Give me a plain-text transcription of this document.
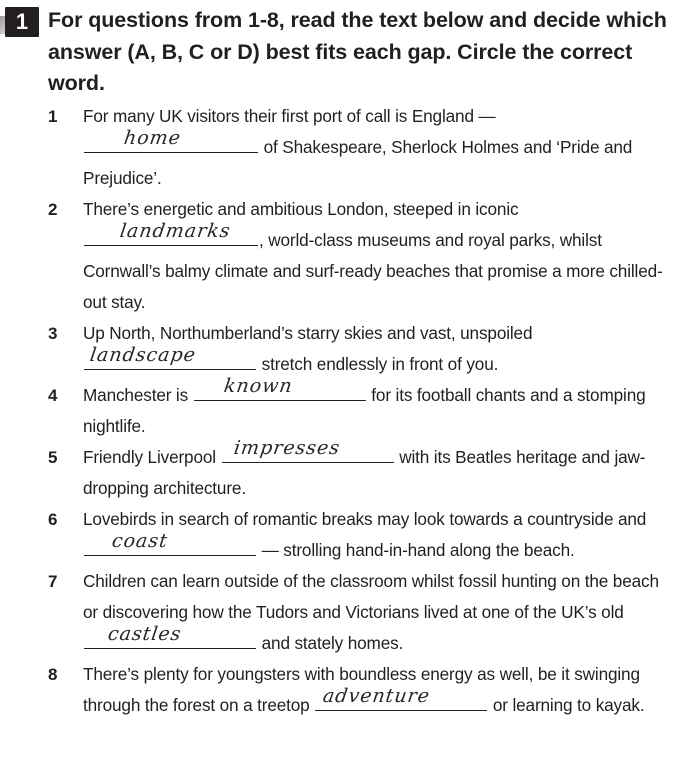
1 For questions from 1-8, read the text below and decide which answer (A, B, C or D) best fits each gap. Circle the correct word.
1 For many UK visitors their first port of call is England —

home	of Shakespeare, Sherlock Holmes and ‘Pride and Prejudice’.
2 There’s energetic and ambitious London, steeped in iconic

landmarks , world-class museums and royal parks, whilst Cornwall’s balmy climate and surf-ready beaches that promise a more chilled-out stay.
3 Up North, Northumberland’s starry skies and vast, unspoiled

landscape	stretch endlessly in front of you.
4 Manchester is known	for its football chants and a stomping nightlife.
5 Friendly Liverpool impresses	with its Beatles heritage and jaw-dropping architecture.
6 Lovebirds in search of romantic breaks may look towards a countryside and
coast	— strolling hand-in-hand along the beach.
7 Children can learn outside of the classroom whilst fossil hunting on the beach or discovering how the Tudors and Victorians lived at one of the UK’s old
castles	and stately homes.
8 There’s plenty for youngsters with boundless energy as well, be it swinging through the forest on a treetop adventure	or learning to kayak.
